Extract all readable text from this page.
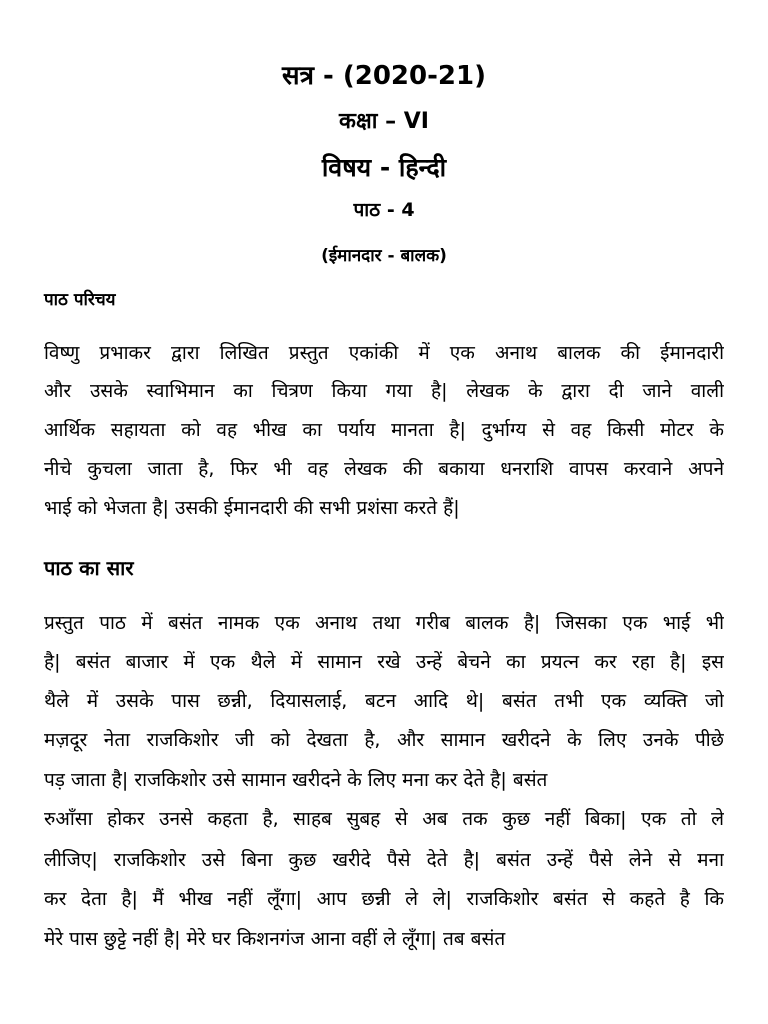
सत्र - (2020-21)
कक्षा – VI
विषय - हिन्दी
पाठ - 4
(ईमानदार - बालक)
पाठ परिचय
विष्णु प्रभाकर द्वारा लिखित प्रस्तुत एकांकी में एक अनाथ बालक की ईमानदारी
और उसके स्वाभिमान का चित्रण किया गया है| लेखक के द्वारा दी जाने वाली
आर्थिक सहायता को वह भीख का पर्याय मानता है| दुर्भाग्य से वह किसी मोटर के
नीचे कुचला जाता है, फिर भी वह लेखक की बकाया धनराशि वापस करवाने अपने
भाई को भेजता है| उसकी ईमानदारी की सभी प्रशंसा करते हैं|
पाठ का सार
प्रस्तुत पाठ में बसंत नामक एक अनाथ तथा गरीब बालक है| जिसका एक भाई भी
है| बसंत बाजार में एक थैले में सामान रखे उन्हें बेचने का प्रयत्न कर रहा है| इस
थैले में उसके पास छन्नी, दियासलाई, बटन आदि थे| बसंत तभी एक व्यक्ति जो
मज़दूर नेता राजकिशोर जी को देखता है, और सामान खरीदने के लिए उनके पीछे
पड़ जाता है| राजकिशोर उसे सामान खरीदने के लिए मना कर देते है| बसंत
रुआँसा होकर उनसे कहता है, साहब सुबह से अब तक कुछ नहीं बिका| एक तो ले
लीजिए| राजकिशोर उसे बिना कुछ खरीदे पैसे देते है| बसंत उन्हें पैसे लेने से मना
कर देता है| मैं भीख नहीं लूँगा| आप छन्नी ले ले| राजकिशोर बसंत से कहते है कि
मेरे पास छुट्टे नहीं है| मेरे घर किशनगंज आना वहीं ले लूँगा| तब बसंत
